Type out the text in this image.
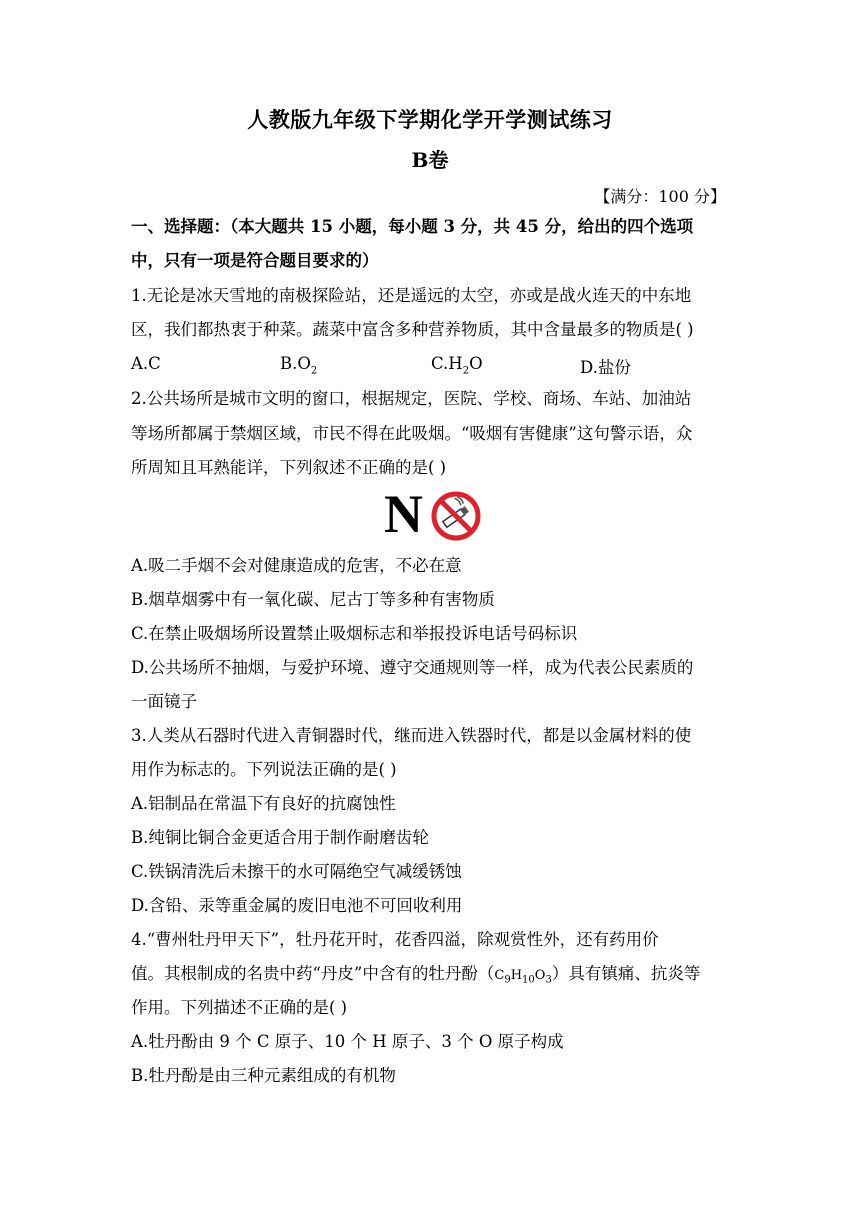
人教版九年级下学期化学开学测试练习
B卷
【满分：100 分】
一、选择题：（本大题共 15 小题，每小题 3 分，共 45 分，给出的四个选项
中，只有一项是符合题目要求的）
1.无论是冰天雪地的南极探险站，还是遥远的太空，亦或是战火连天的中东地
区，我们都热衷于种菜。蔬菜中富含多种营养物质，其中含量最多的物质是( )
A.C	$B.O_2$	$C.H_2O$	D.盐份
2.公共场所是城市文明的窗口，根据规定，医院、学校、商场、车站、加油站
等场所都属于禁烟区域，市民不得在此吸烟。“吸烟有害健康”这句警示语，众
所周知且耳熟能详，下列叙述不正确的是( )
N
A.吸二手烟不会对健康造成的危害，不必在意
B.烟草烟雾中有一氧化碳、尼古丁等多种有害物质
C.在禁止吸烟场所设置禁止吸烟标志和举报投诉电话号码标识
D.公共场所不抽烟，与爱护环境、遵守交通规则等一样，成为代表公民素质的
一面镜子
3.人类从石器时代进入青铜器时代，继而进入铁器时代，都是以金属材料的使
用作为标志的。下列说法正确的是( )
A.铝制品在常温下有良好的抗腐蚀性
B.纯铜比铜合金更适合用于制作耐磨齿轮
C.铁锅清洗后未擦干的水可隔绝空气减缓锈蚀
D.含铅、汞等重金属的废旧电池不可回收利用
4.“曹州牡丹甲天下”，牡丹花开时，花香四溢，除观赏性外，还有药用价
值。其根制成的名贵中药“丹皮”中含有的牡丹酚$(C_9H_{10}O_3)$具有镇痛、抗炎等
作用。下列描述不正确的是( )
A.牡丹酚由 9 个 C 原子、10 个 H 原子、3 个 O 原子构成
B.牡丹酚是由三种元素组成的有机物
